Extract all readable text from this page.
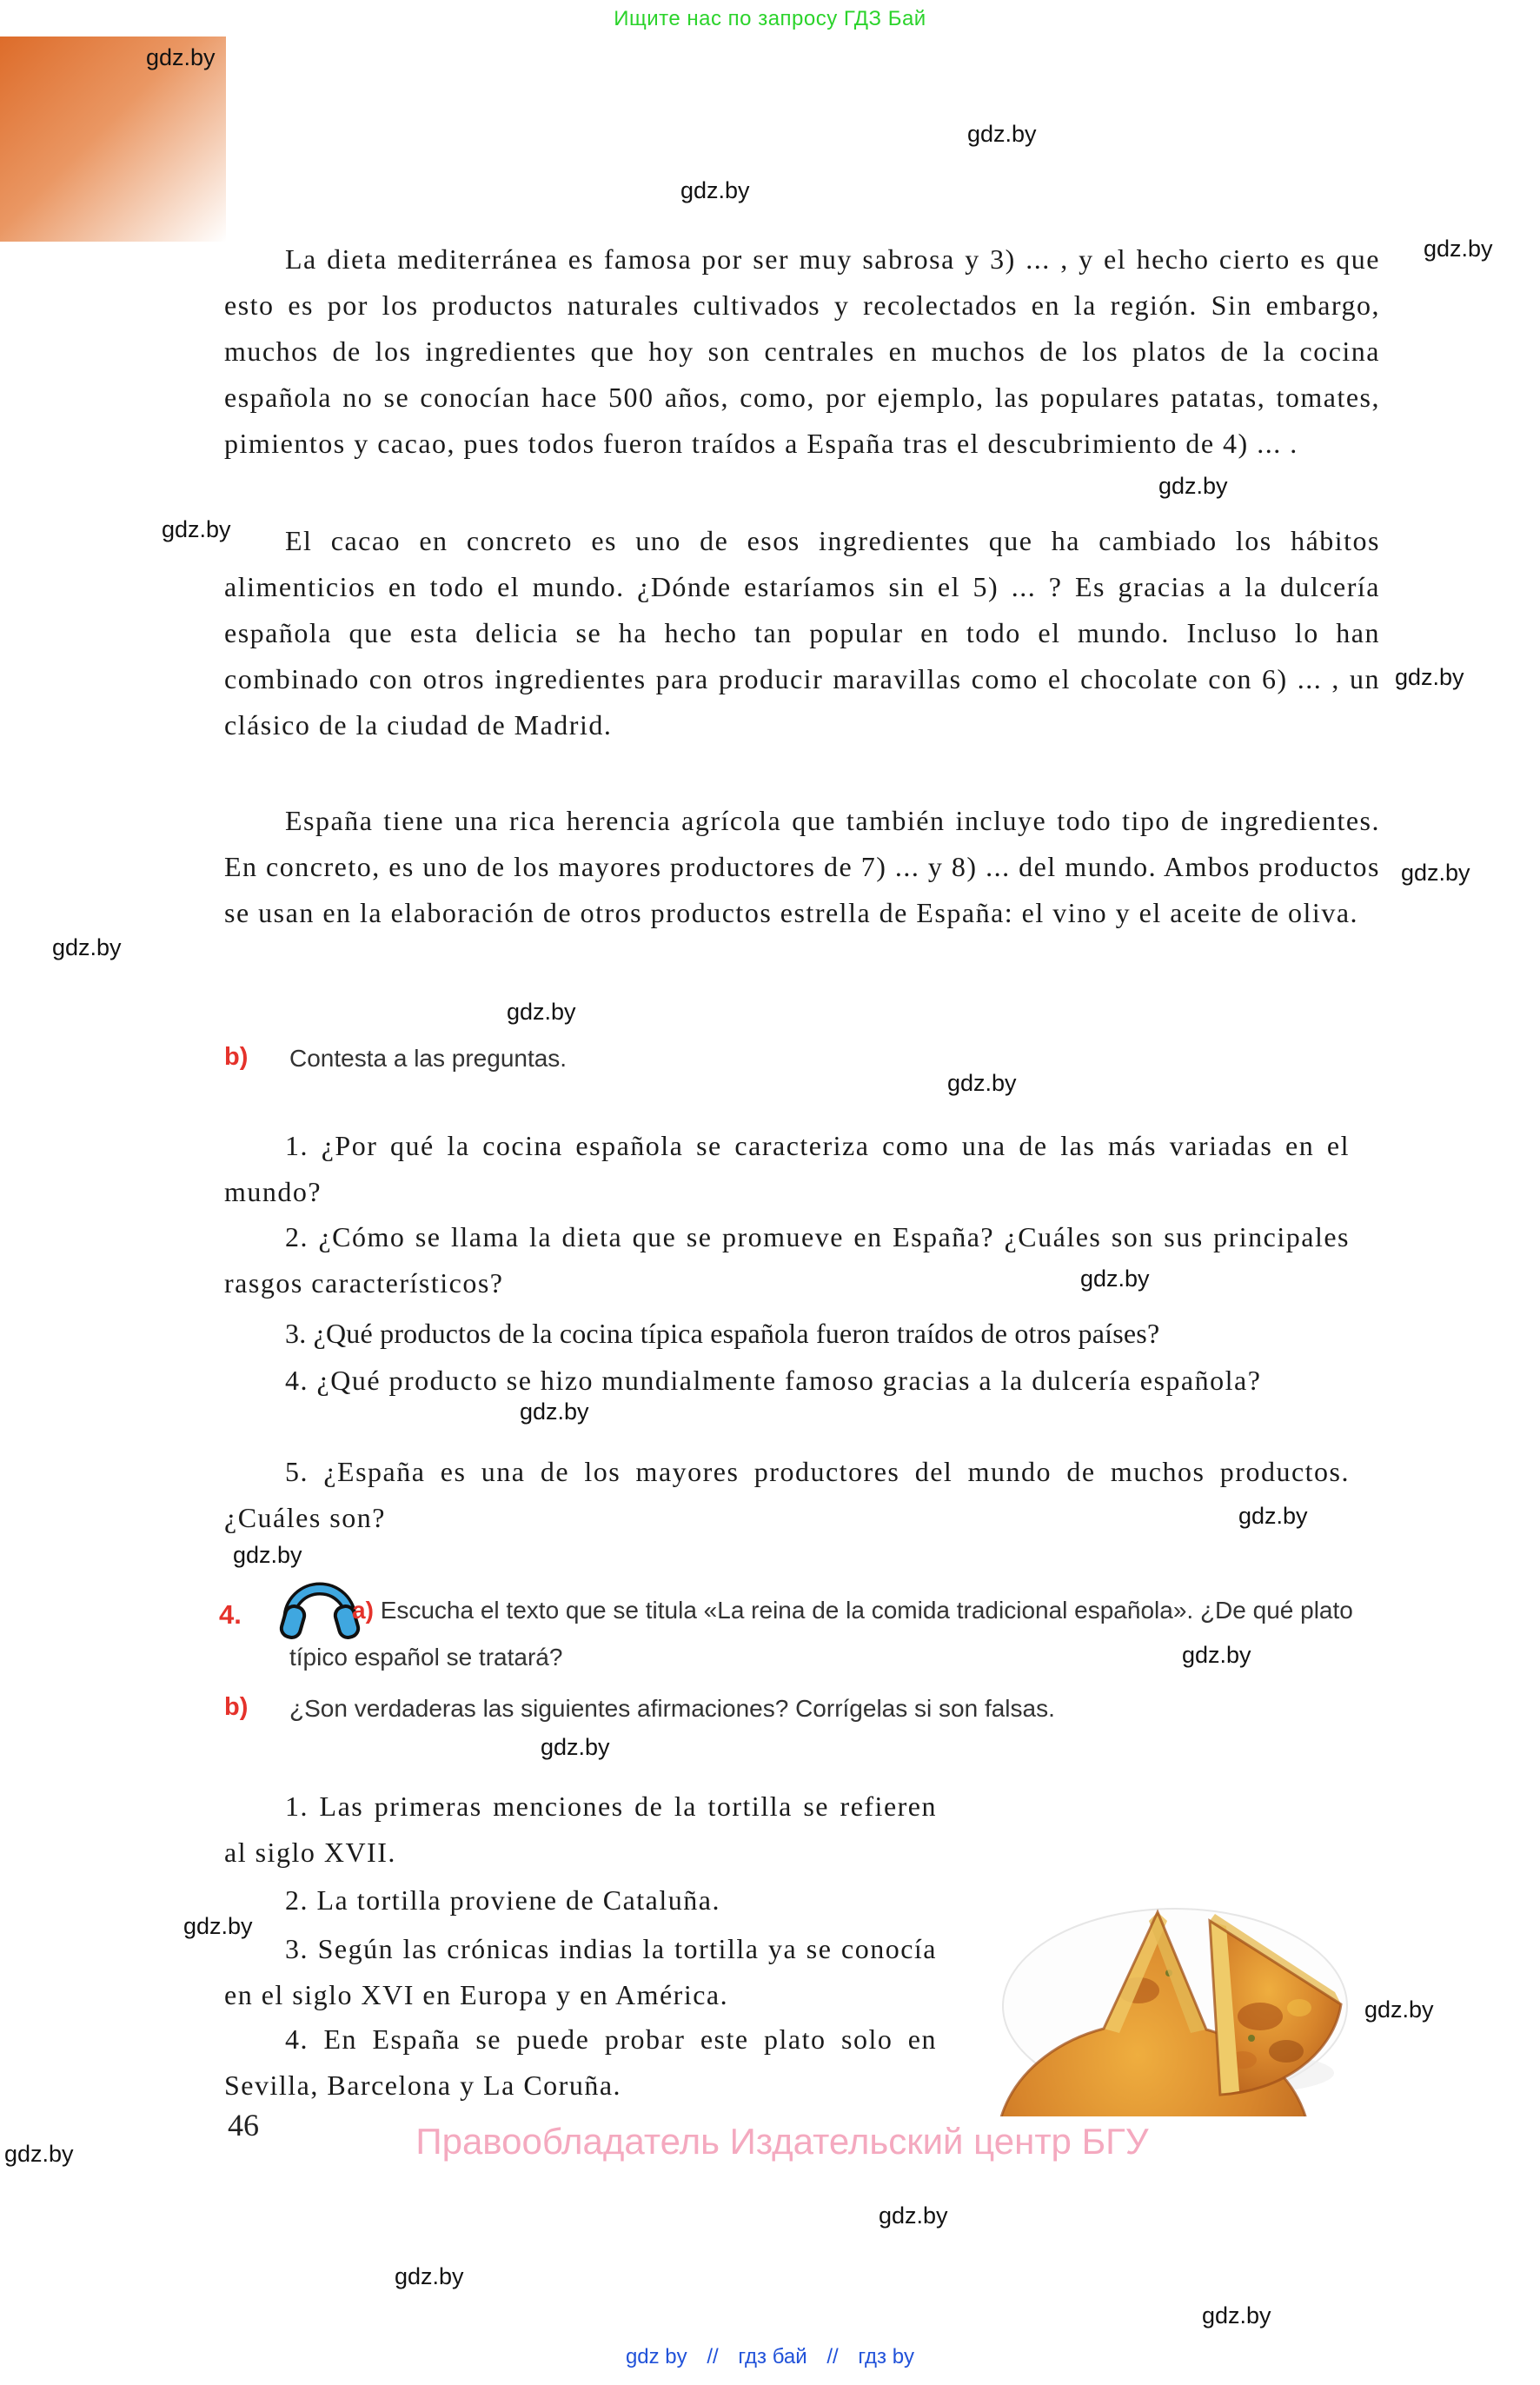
Ищите нас по запросу ГДЗ Бай
gdz.by
gdz.by
gdz.by
gdz.by
gdz.by
gdz.by
gdz.by
gdz.by
gdz.by
gdz.by
gdz.by
gdz.by
gdz.by
gdz.by
gdz.by
gdz.by
gdz.by
gdz.by
gdz.by
gdz.by
gdz.by
gdz.by
gdz.by

La dieta mediterránea es famosa por ser muy sabrosa y 3) ... , y el hecho cierto es que esto es por los productos naturales cultivados y recolectados en la región. Sin embargo, muchos de los ingredientes que hoy son centrales en muchos de los platos de la cocina española no se conocían hace 500 años, como, por ejemplo, las populares patatas, tomates, pimientos y cacao, pues todos fueron traídos a España tras el descubrimiento de 4) ... .

El cacao en concreto es uno de esos ingredientes que ha cambiado los hábitos alimenticios en todo el mundo. ¿Dónde estaríamos sin el 5) ... ? Es gracias a la dulcería española que esta delicia se ha hecho tan popular en todo el mundo. Incluso lo han combinado con otros ingredientes para producir maravillas como el chocolate con 6) ... , un clásico de la ciudad de Madrid.

España tiene una rica herencia agrícola que también incluye todo tipo de ingredientes. En concreto, es uno de los mayores productores de 7) ... y 8) ... del mundo. Ambos productos se usan en la elaboración de otros productos estrella de España: el vino y el aceite de oliva.

b) Contesta a las preguntas.

1. ¿Por qué la cocina española se caracteriza como una de las más variadas en el mundo?

2. ¿Cómo se llama la dieta que se promueve en España? ¿Cuáles son sus principales rasgos característicos?

3. ¿Qué productos de la cocina típica española fueron traídos de otros países?

4. ¿Qué producto se hizo mundialmente famoso gracias a la dulcería española?

5. ¿España es una de los mayores productores del mundo de muchos productos. ¿Cuáles son?

4.	a) Escucha el texto que se titula «La reina de la comida tradicional española». ¿De qué plato típico español se tratará?

b) ¿Son verdaderas las siguientes afirmaciones? Corrígelas si son falsas.

1. Las primeras menciones de la tortilla se refieren al siglo XVII.

2. La tortilla proviene de Cataluña.

3. Según las crónicas indias la tortilla ya se conocía en el siglo XVI en Europa y en América.

4. En España se puede probar este plato solo en Sevilla, Barcelona y La Coruña.

46	Правообладатель Издательский центр БГУ
gdz by // гдз бай // гдз by
